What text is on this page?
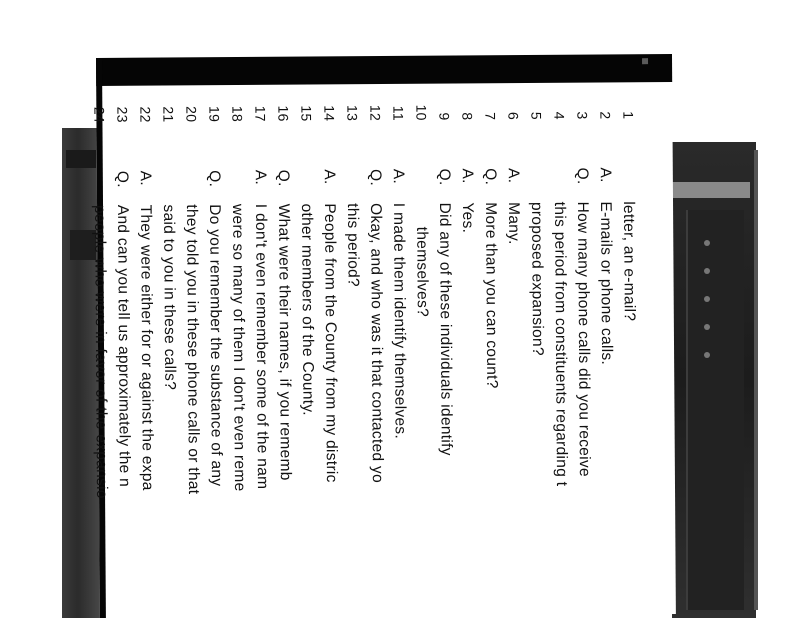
1
letter, an e-mail?
2
A.
E-mails or phone calls.
3
Q.
How many phone calls did you receive
4
this period from constituents regarding t
5
proposed expansion?
6
A.
Many.
7
Q.
More than you can count?
8
A.
Yes.
9
Q.
Did any of these individuals identify
10
themselves?
11
A.
I made them identify themselves.
12
Q.
Okay, and who was it that contacted yo
13
this period?
14
A.
People from the County from my distric
15
other members of the County.
16
Q.
What were their names, if you rememb
17
A.
I don't even remember some of the nam
18
were so many of them I don't even reme
19
Q.
Do you remember the substance of any
20
they told you in these phone calls or that
21
said to you in these calls?
22
A.
They were either for or against the expa
23
Q.
And can you tell us approximately the n
24
people who were in favor of the expansio
